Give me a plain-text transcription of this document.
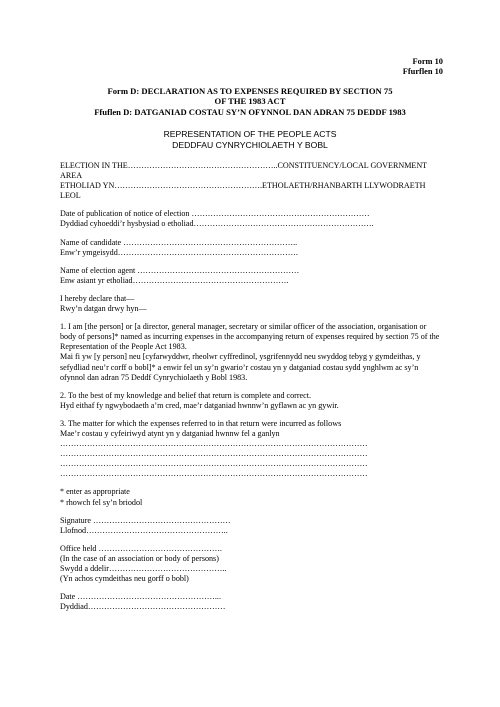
Form 10
Ffurflen 10
Form D: DECLARATION AS TO EXPENSES REQUIRED BY SECTION 75
OF THE 1983 ACT
Ffuflen D: DATGANIAD COSTAU SY’N OFYNNOL DAN ADRAN 75 DEDDF 1983
REPRESENTATION OF THE PEOPLE ACTS
DEDDFAU CYNRYCHIOLAETH Y BOBL

ELECTION IN THE………………………………………………..CONSTITUENCY/LOCAL GOVERNMENT AREA

ETHOLIAD YN……………………………………………….ETHOLAETH/RHANBARTH LLYWODRAETH LEOL

Date of publication of notice of election …………………………………………………………

Dyddiad cyhoeddi’r hysbysiad o etholiad………………………………………………………….

Name of candidate ………………………………………………………..

Enw’r ymgeisydd………………………………………………………….

Name of election agent ……………………………………………………

Enw asiant yr etholiad………………………………………………….

I hereby declare that—

Rwy’n datgan drwy hyn—

1. I am [the person] or [a director, general manager, secretary or similar officer of the association, organisation or body of persons]* named as incurring expenses in the accompanying return of expenses required by section 75 of the Representation of the People Act 1983.

Mai fi yw [y person] neu [cyfarwyddwr, rheolwr cyffredinol, ysgrifennydd neu swyddog tebyg y gymdeithas, y sefydliad neu’r corff o bobl]* a enwir fel un sy’n gwario’r costau yn y datganiad costau sydd ynghlwm ac sy’n ofynnol dan adran 75 Deddf Cynrychiolaeth y Bobl 1983.

2. To the best of my knowledge and belief that return is complete and correct.

Hyd eithaf fy ngwybodaeth a’m cred, mae’r datganiad hwnnw’n gyflawn ac yn gywir.

3. The matter for which the expenses referred to in that return were incurred as follows

Mae’r costau y cyfeiriwyd atynt yn y datganiad hwnnw fel a ganlyn

……………………………………………………………………………………………………

……………………………………………………………………………………………………

……………………………………………………………………………………………………

……………………………………………………………………………………………………

* enter as appropriate

* rhowch fel sy’n briodol

Signature ……………………………………………

Llofnod……………………………………………..

Office held ……………………………………….

(In the case of an association or body of persons)

Swydd a ddelir……………………………………..

(Yn achos cymdeithas neu gorff o bobl)

Date ……………………………………………...

Dyddiad……………………………………………
